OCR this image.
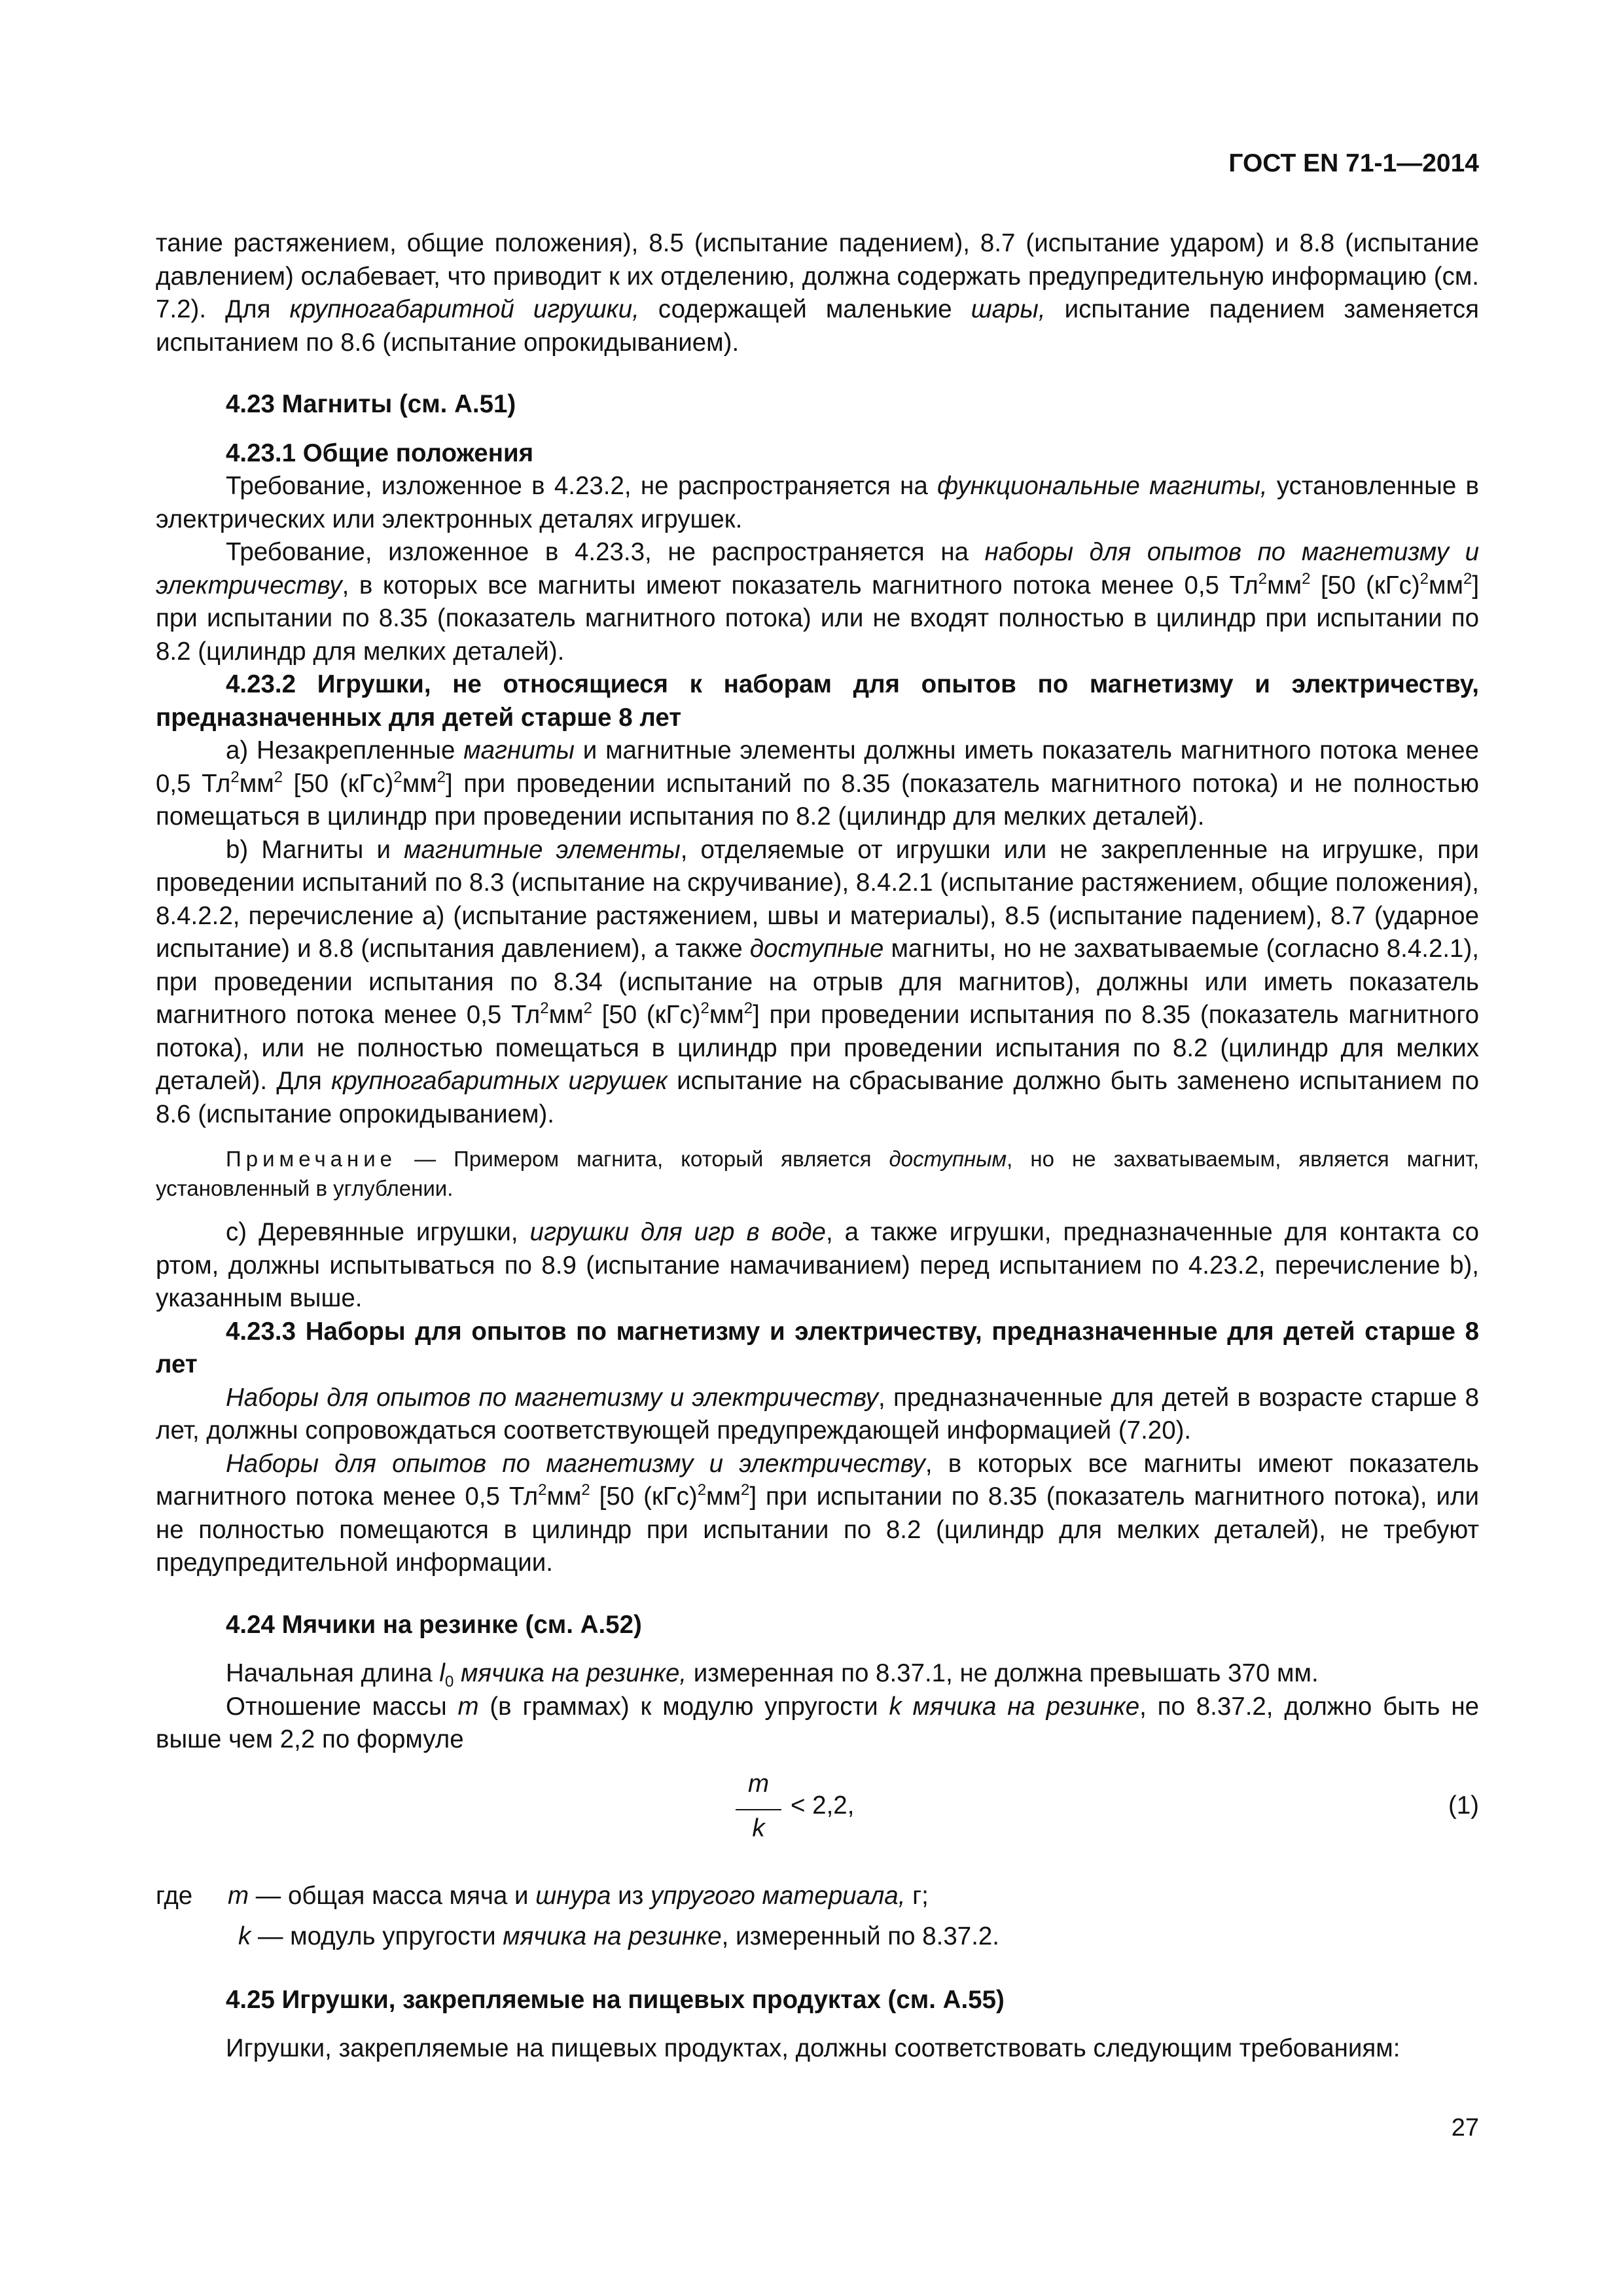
ГОСТ EN 71-1—2014

тание растяжением, общие положения), 8.5 (испытание падением), 8.7 (испытание ударом) и 8.8 (испытание давлением) ослабевает, что приводит к их отделению, должна содержать предупредительную информацию (см. 7.2). Для крупногабаритной игрушки, содержащей маленькие шары, испытание падением заменяется испытанием по 8.6 (испытание опрокидыванием).

4.23 Магниты (см. А.51)
4.23.1 Общие положения

Требование, изложенное в 4.23.2, не распространяется на функциональные магниты, установленные в электрических или электронных деталях игрушек.

Требование, изложенное в 4.23.3, не распространяется на наборы для опытов по магнетизму и электричеству, в которых все магниты имеют показатель магнитного потока менее 0,5 $Тл^2мм^2$ [50 $(кГс)^2мм^2$] при испытании по 8.35 (показатель магнитного потока) или не входят полностью в цилиндр при испытании по 8.2 (цилиндр для мелких деталей).

4.23.2 Игрушки, не относящиеся к наборам для опытов по магнетизму и электричеству, предназначенных для детей старше 8 лет

а) Незакрепленные магниты и магнитные элементы должны иметь показатель магнитного потока менее 0,5 $Тл^2мм^2$ [50 $(кГс)^2мм^2$] при проведении испытаний по 8.35 (показатель магнитного потока) и не полностью помещаться в цилиндр при проведении испытания по 8.2 (цилиндр для мелких деталей).

b) Магниты и магнитные элементы, отделяемые от игрушки или не закрепленные на игрушке, при проведении испытаний по 8.3 (испытание на скручивание), 8.4.2.1 (испытание растяжением, общие положения), 8.4.2.2, перечисление a) (испытание растяжением, швы и материалы), 8.5 (испытание падением), 8.7 (ударное испытание) и 8.8 (испытания давлением), а также доступные магниты, но не захватываемые (согласно 8.4.2.1), при проведении испытания по 8.34 (испытание на отрыв для магнитов), должны или иметь показатель магнитного потока менее 0,5 $Тл^2мм^2$ [50 $(кГс)^2мм^2$] при проведении испытания по 8.35 (показатель магнитного потока), или не полностью помещаться в цилиндр при проведении испытания по 8.2 (цилиндр для мелких деталей). Для крупногабаритных игрушек испытание на сбрасывание должно быть заменено испытанием по 8.6 (испытание опрокидыванием).

Примечание — Примером магнита, который является доступным, но не захватываемым, является магнит, установленный в углублении.

с) Деревянные игрушки, игрушки для игр в воде, а также игрушки, предназначенные для контакта со ртом, должны испытываться по 8.9 (испытание намачиванием) перед испытанием по 4.23.2, перечисление b), указанным выше.

4.23.3 Наборы для опытов по магнетизму и электричеству, предназначенные для детей старше 8 лет

Наборы для опытов по магнетизму и электричеству, предназначенные для детей в возрасте старше 8 лет, должны сопровождаться соответствующей предупреждающей информацией (7.20).

Наборы для опытов по магнетизму и электричеству, в которых все магниты имеют показатель магнитного потока менее 0,5 $Тл^2мм^2$ [50 $(кГс)^2мм^2$] при испытании по 8.35 (показатель магнитного потока), или не полностью помещаются в цилиндр при испытании по 8.2 (цилиндр для мелких деталей), не требуют предупредительной информации.

4.24 Мячики на резинке (см. А.52)

Начальная длина $l_0$ мячика на резинке, измеренная по 8.37.1, не должна превышать 370 мм.

Отношение массы m (в граммах) к модулю упругости k мячика на резинке, по 8.37.2, должно быть не выше чем 2,2 по формуле

m
k
< 2,2,	(1)
где m — общая масса мяча и шнура из упругого материала, г;
k — модуль упругости мячика на резинке, измеренный по 8.37.2.
4.25 Игрушки, закрепляемые на пищевых продуктах (см. А.55)

Игрушки, закрепляемые на пищевых продуктах, должны соответствовать следующим требованиям:

27
